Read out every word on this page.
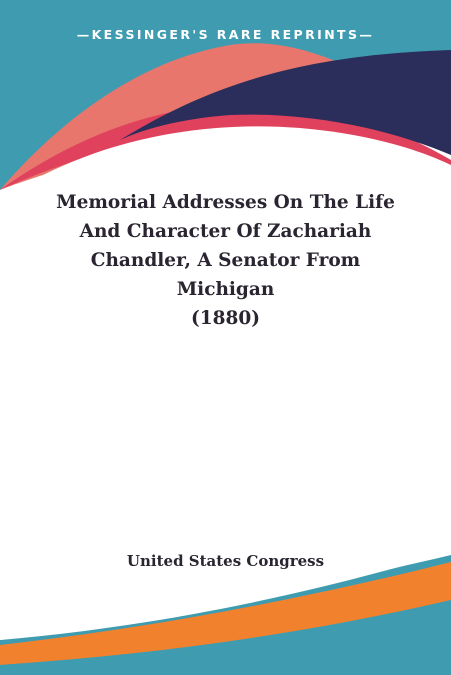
—KESSINGER'S RARE REPRINTS—
Memorial Addresses On The Life
And Character Of Zachariah
Chandler, A Senator From
Michigan
(1880)
United States Congress
